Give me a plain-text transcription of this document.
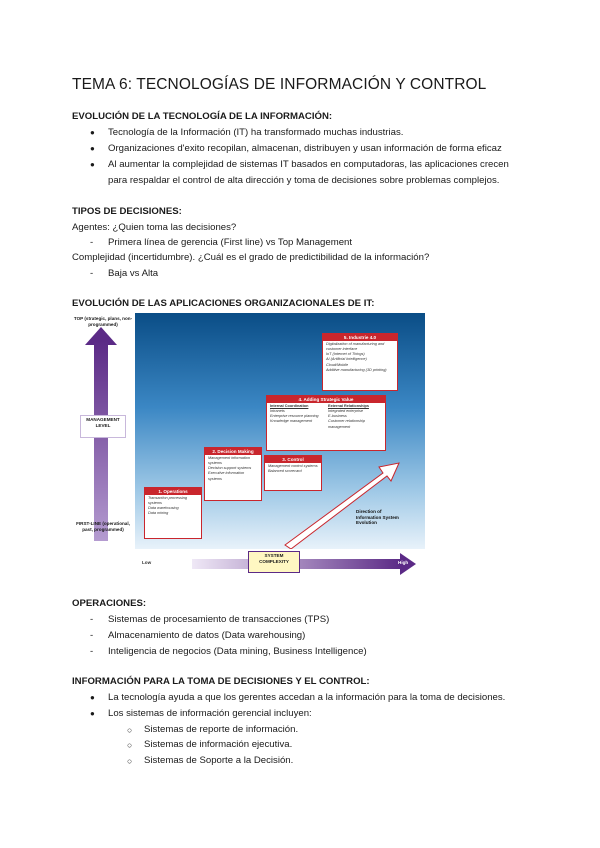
TEMA 6: TECNOLOGÍAS DE INFORMACIÓN Y CONTROL

EVOLUCIÓN DE LA TECNOLOGÍA DE LA INFORMACIÓN:

● Tecnología de la Información (IT) ha transformado muchas industrias.
● Organizaciones d'exito recopilan, almacenan, distribuyen y usan información de forma eficaz
● Al aumentar la complejidad de sistemas IT basados en computadoras, las aplicaciones crecen
para respaldar el control de alta dirección y toma de decisiones sobre problemas complejos.

TIPOS DE DECISIONES:

Agentes: ¿Quien toma las decisiones?
- Primera línea de gerencia (First line) vs Top Management
Complejidad (incertidumbre). ¿Cuál es el grado de predictibilidad de la información?
- Baja vs Alta

EVOLUCIÓN DE LAS APLICACIONES ORGANIZACIONALES DE IT:

TOP (strategic, plans, non-programmed)
MANAGEMENT LEVEL
FIRST-LINE (operational, past, programmed)
Direction of Information System Evolution
1. Operations
Transaction processing systems
Data warehousing
Data mining
2. Decision Making
Management information systems
Decision support systems
Executive information systems
3. Control
Management control systems
Balanced scorecard
4. Adding Strategic Value
Internal Coordination
Intranets
Enterprise resource planning
Knowledge management
External Relationships
Integrated enterprise
E-business
Customer relationship management
5. Industrie 4.0
Digitalization of manufacturing and customer interface
IoT (Internet of Things)
AI (Artificial Intelligence)
Cloud/Mobile
Additive manufacturing (3D printing)
Low	High
SYSTEM COMPLEXITY

OPERACIONES:

- Sistemas de procesamiento de transacciones (TPS)
- Almacenamiento de datos (Data warehousing)
- Inteligencia de negocios (Data mining, Business Intelligence)

INFORMACIÓN PARA LA TOMA DE DECISIONES Y EL CONTROL:

● La tecnología ayuda a que los gerentes accedan a la información para la toma de decisiones.
● Los sistemas de información gerencial incluyen:
○ Sistemas de reporte de información.
○ Sistemas de información ejecutiva.
○ Sistemas de Soporte a la Decisión.
